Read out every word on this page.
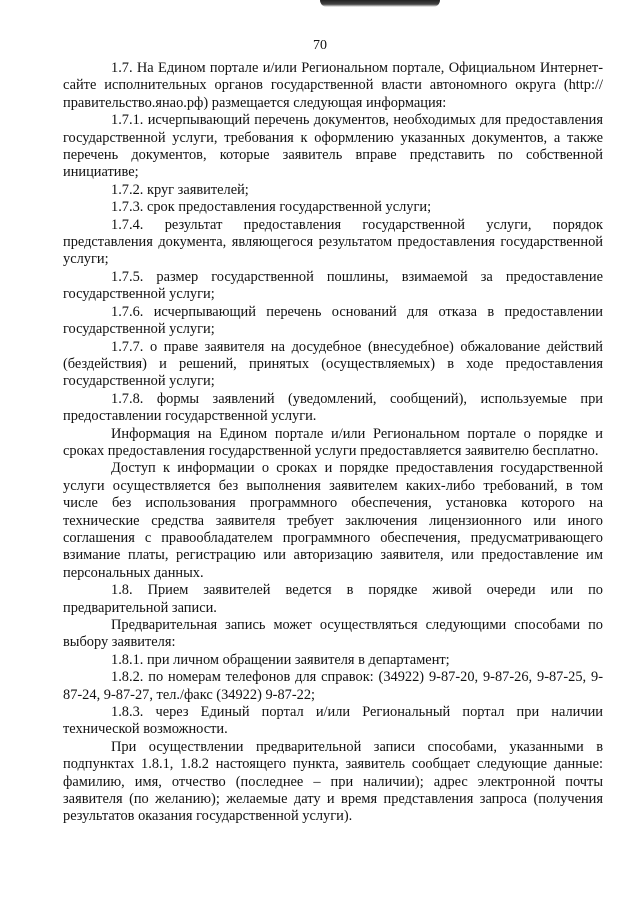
70

1.7. На Едином портале и/или Региональном портале, Официальном Интернет-сайте исполнительных органов государственной власти автономного округа (http://правительство.янао.рф) размещается следующая информация:

1.7.1. исчерпывающий перечень документов, необходимых для предоставления государственной услуги, требования к оформлению указанных документов, а также перечень документов, которые заявитель вправе представить по собственной инициативе;

1.7.2. круг заявителей;

1.7.3. срок предоставления государственной услуги;

1.7.4. результат предоставления государственной услуги, порядок представления документа, являющегося результатом предоставления государственной услуги;

1.7.5. размер государственной пошлины, взимаемой за предоставление государственной услуги;

1.7.6. исчерпывающий перечень оснований для отказа в предоставлении государственной услуги;

1.7.7. о праве заявителя на досудебное (внесудебное) обжалование действий (бездействия) и решений, принятых (осуществляемых) в ходе предоставления государственной услуги;

1.7.8. формы заявлений (уведомлений, сообщений), используемые при предоставлении государственной услуги.

Информация на Едином портале и/или Региональном портале о порядке и сроках предоставления государственной услуги предоставляется заявителю бесплатно.

Доступ к информации о сроках и порядке предоставления государственной услуги осуществляется без выполнения заявителем каких-либо требований, в том числе без использования программного обеспечения, установка которого на технические средства заявителя требует заключения лицензионного или иного соглашения с правообладателем программного обеспечения, предусматривающего взимание платы, регистрацию или авторизацию заявителя, или предоставление им персональных данных.

1.8. Прием заявителей ведется в порядке живой очереди или по предварительной записи.

Предварительная запись может осуществляться следующими способами по выбору заявителя:

1.8.1. при личном обращении заявителя в департамент;

1.8.2. по номерам телефонов для справок: (34922) 9-87-20, 9-87-26, 9-87-25, 9-87-24, 9-87-27, тел./факс (34922) 9-87-22;

1.8.3. через Единый портал и/или Региональный портал при наличии технической возможности.

При осуществлении предварительной записи способами, указанными в подпунктах 1.8.1, 1.8.2 настоящего пункта, заявитель сообщает следующие данные: фамилию, имя, отчество (последнее – при наличии); адрес электронной почты заявителя (по желанию); желаемые дату и время представления запроса (получения результатов оказания государственной услуги).
